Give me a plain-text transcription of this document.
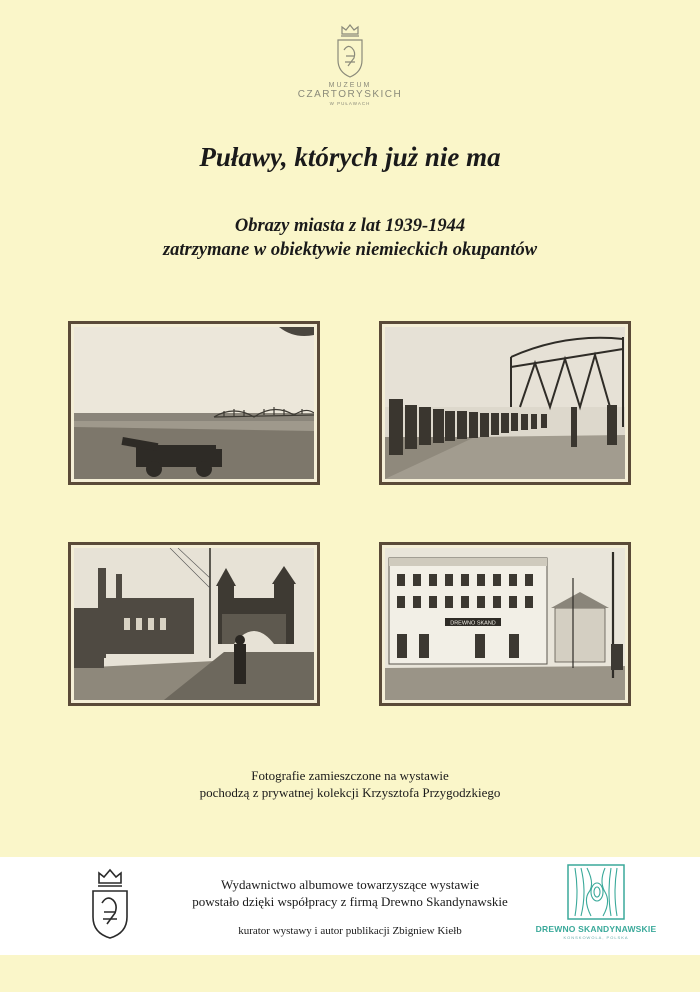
MUZEUM
CZARTORYSKICH
W PUŁAWACH
Puławy, których już nie ma
Obrazy miasta z lat 1939-1944
zatrzymane w obiektywie niemieckich okupantów
DREWNO SKAND
Fotografie zamieszczone na wystawie
pochodzą z prywatnej kolekcji Krzysztofa Przygodzkiego
Wydawnictwo albumowe towarzyszące wystawie
powstało dzięki współpracy z firmą Drewno Skandynawskie
kurator wystawy i autor publikacji Zbigniew Kiełb	DREWNO SKANDYNAWSKIE
KONSKOWOLA, POLSKA
